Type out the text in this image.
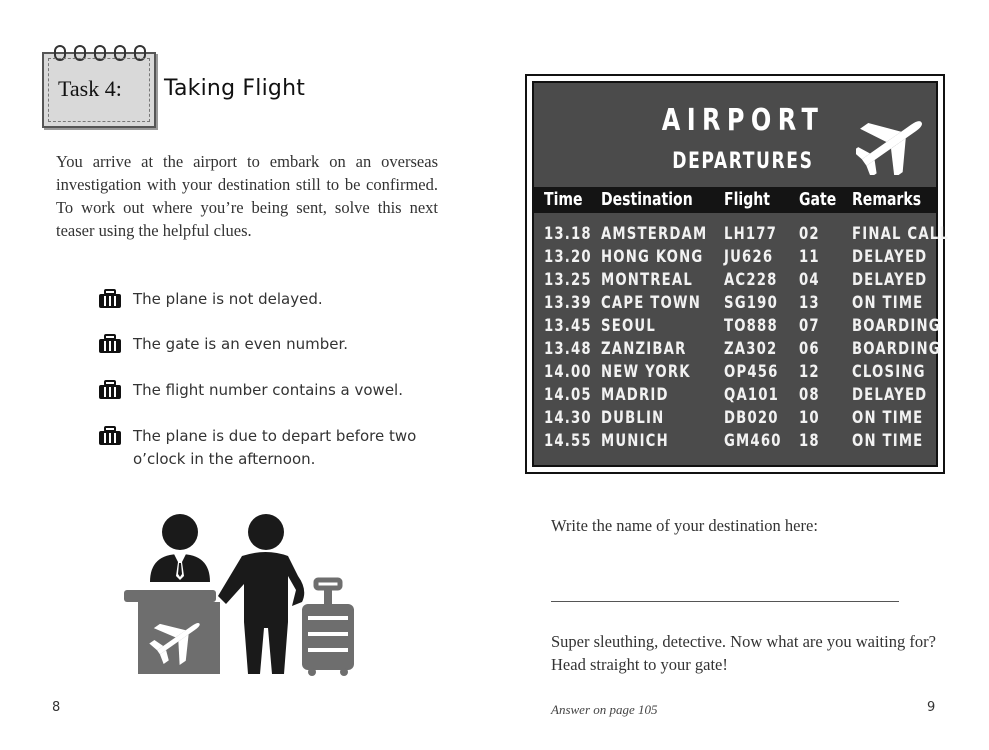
Task 4: Taking Flight
You arrive at the airport to embark on an overseas investigation with your destination still to be confirmed. To work out where you’re being sent, solve this next teaser using the helpful clues.
The plane is not delayed.
The gate is an even number.
The flight number contains a vowel.
The plane is due to depart before two o’clock in the afternoon.
AIRPORT
DEPARTURES
Time Destination Flight Gate Remarks
13.18 AMSTERDAM LH177 02 FINAL CALL
13.20 HONG KONG JU626 11 DELAYED
13.25 MONTREAL AC228 04 DELAYED
13.39 CAPE TOWN SG190 13 ON TIME
13.45 SEOUL	TO888 07 BOARDING
13.48 ZANZIBAR ZA302 06 BOARDING
14.00 NEW YORK OP456 12 CLOSING
14.05 MADRID	QA101 08 DELAYED
14.30 DUBLIN	DB020 10 ON TIME
14.55 MUNICH	GM460 18 ON TIME
Write the name of your destination here:
Super sleuthing, detective. Now what are you waiting for? Head straight to your gate!
Answer on page 105
8	9
